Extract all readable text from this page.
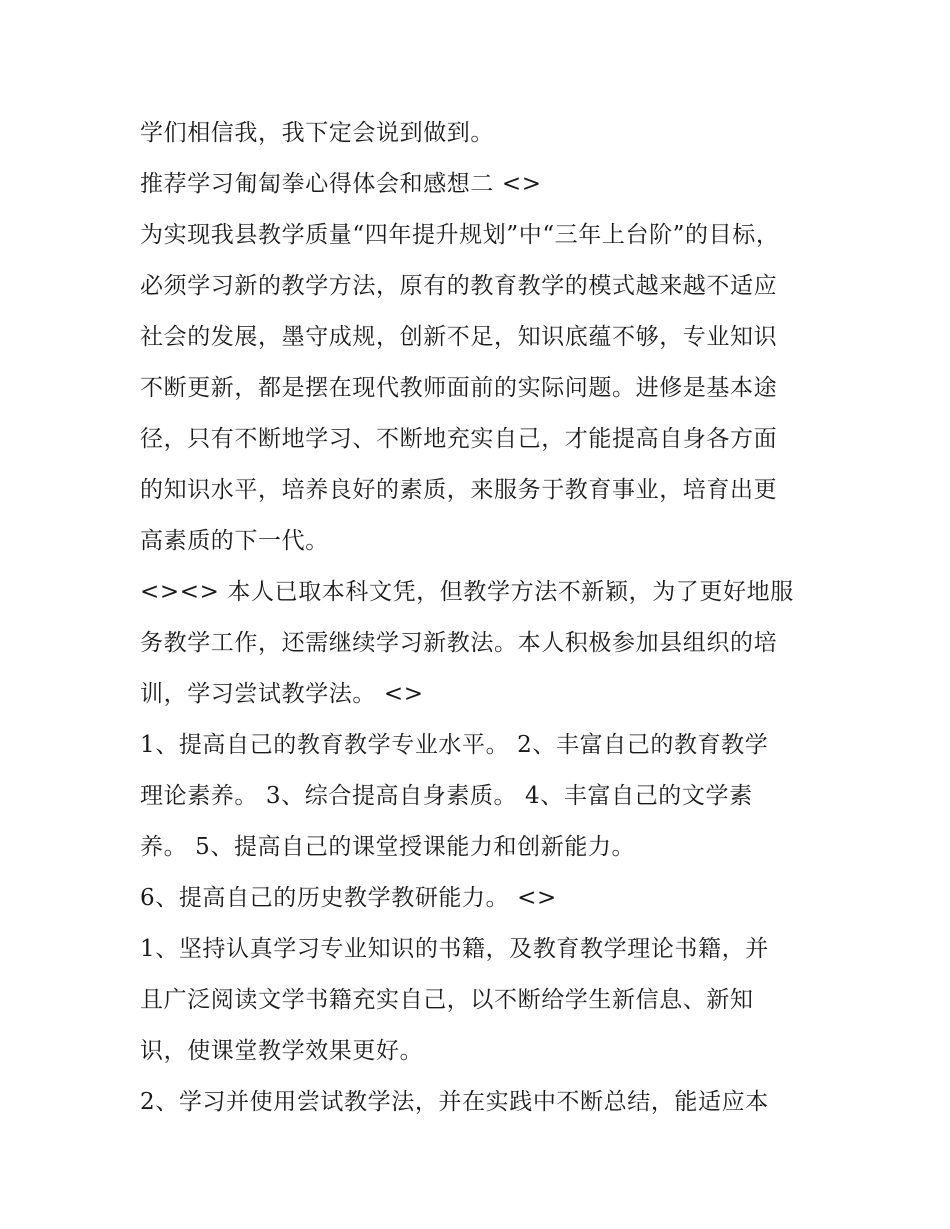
学们相信我，我下定会说到做到。
推荐学习匍匐拳心得体会和感想二 <>
为实现我县教学质量“四年提升规划”中“三年上台阶”的目标，
必须学习新的教学方法，原有的教育教学的模式越来越不适应
社会的发展，墨守成规，创新不足，知识底蕴不够，专业知识
不断更新，都是摆在现代教师面前的实际问题。进修是基本途
径，只有不断地学习、不断地充实自己，才能提高自身各方面
的知识水平，培养良好的素质，来服务于教育事业，培育出更
高素质的下一代。
<><> 本人已取本科文凭，但教学方法不新颖，为了更好地服
务教学工作，还需继续学习新教法。本人积极参加县组织的培
训，学习尝试教学法。 <>
1、提高自己的教育教学专业水平。 2、丰富自己的教育教学
理论素养。 3、综合提高自身素质。 4、丰富自己的文学素
养。 5、提高自己的课堂授课能力和创新能力。
6、提高自己的历史教学教研能力。 <>
1、坚持认真学习专业知识的书籍，及教育教学理论书籍，并
且广泛阅读文学书籍充实自己，以不断给学生新信息、新知
识，使课堂教学效果更好。
2、学习并使用尝试教学法，并在实践中不断总结，能适应本
